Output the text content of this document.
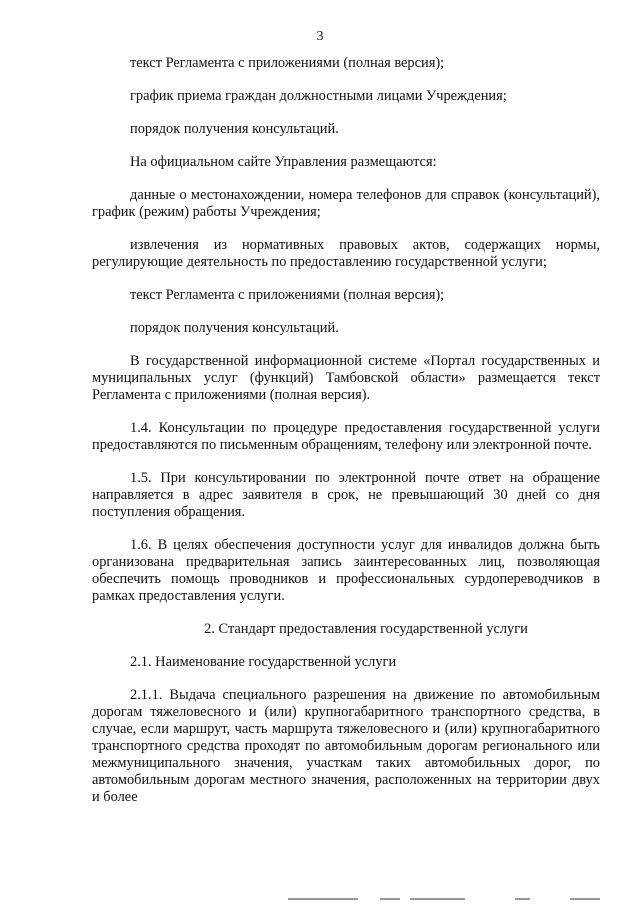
3

текст Регламента с приложениями (полная версия);

график приема граждан должностными лицами Учреждения;

порядок получения консультаций.

На официальном сайте Управления размещаются:

данные о местонахождении, номера телефонов для справок (консультаций), график (режим) работы Учреждения;

извлечения из нормативных правовых актов, содержащих нормы, регулирующие деятельность по предоставлению государственной услуги;

текст Регламента с приложениями (полная версия);

порядок получения консультаций.

В государственной информационной системе «Портал государственных и муниципальных услуг (функций) Тамбовской области» размещается текст Регламента с приложениями (полная версия).

1.4. Консультации по процедуре предоставления государственной услуги предоставляются по письменным обращениям, телефону или электронной почте.

1.5. При консультировании по электронной почте ответ на обращение направляется в адрес заявителя в срок, не превышающий 30 дней со дня поступления обращения.

1.6. В целях обеспечения доступности услуг для инвалидов должна быть организована предварительная запись заинтересованных лиц, позволяющая обеспечить помощь проводников и профессиональных сурдопереводчиков в рамках предоставления услуги.

2. Стандарт предоставления государственной услуги

2.1. Наименование государственной услуги

2.1.1. Выдача специального разрешения на движение по автомобильным дорогам тяжеловесного и (или) крупногабаритного транспортного средства, в случае, если маршрут, часть маршрута тяжеловесного и (или) крупногабаритного транспортного средства проходят по автомобильным дорогам регионального или межмуниципального значения, участкам таких автомобильных дорог, по автомобильным дорогам местного значения, расположенных на территории двух и более
